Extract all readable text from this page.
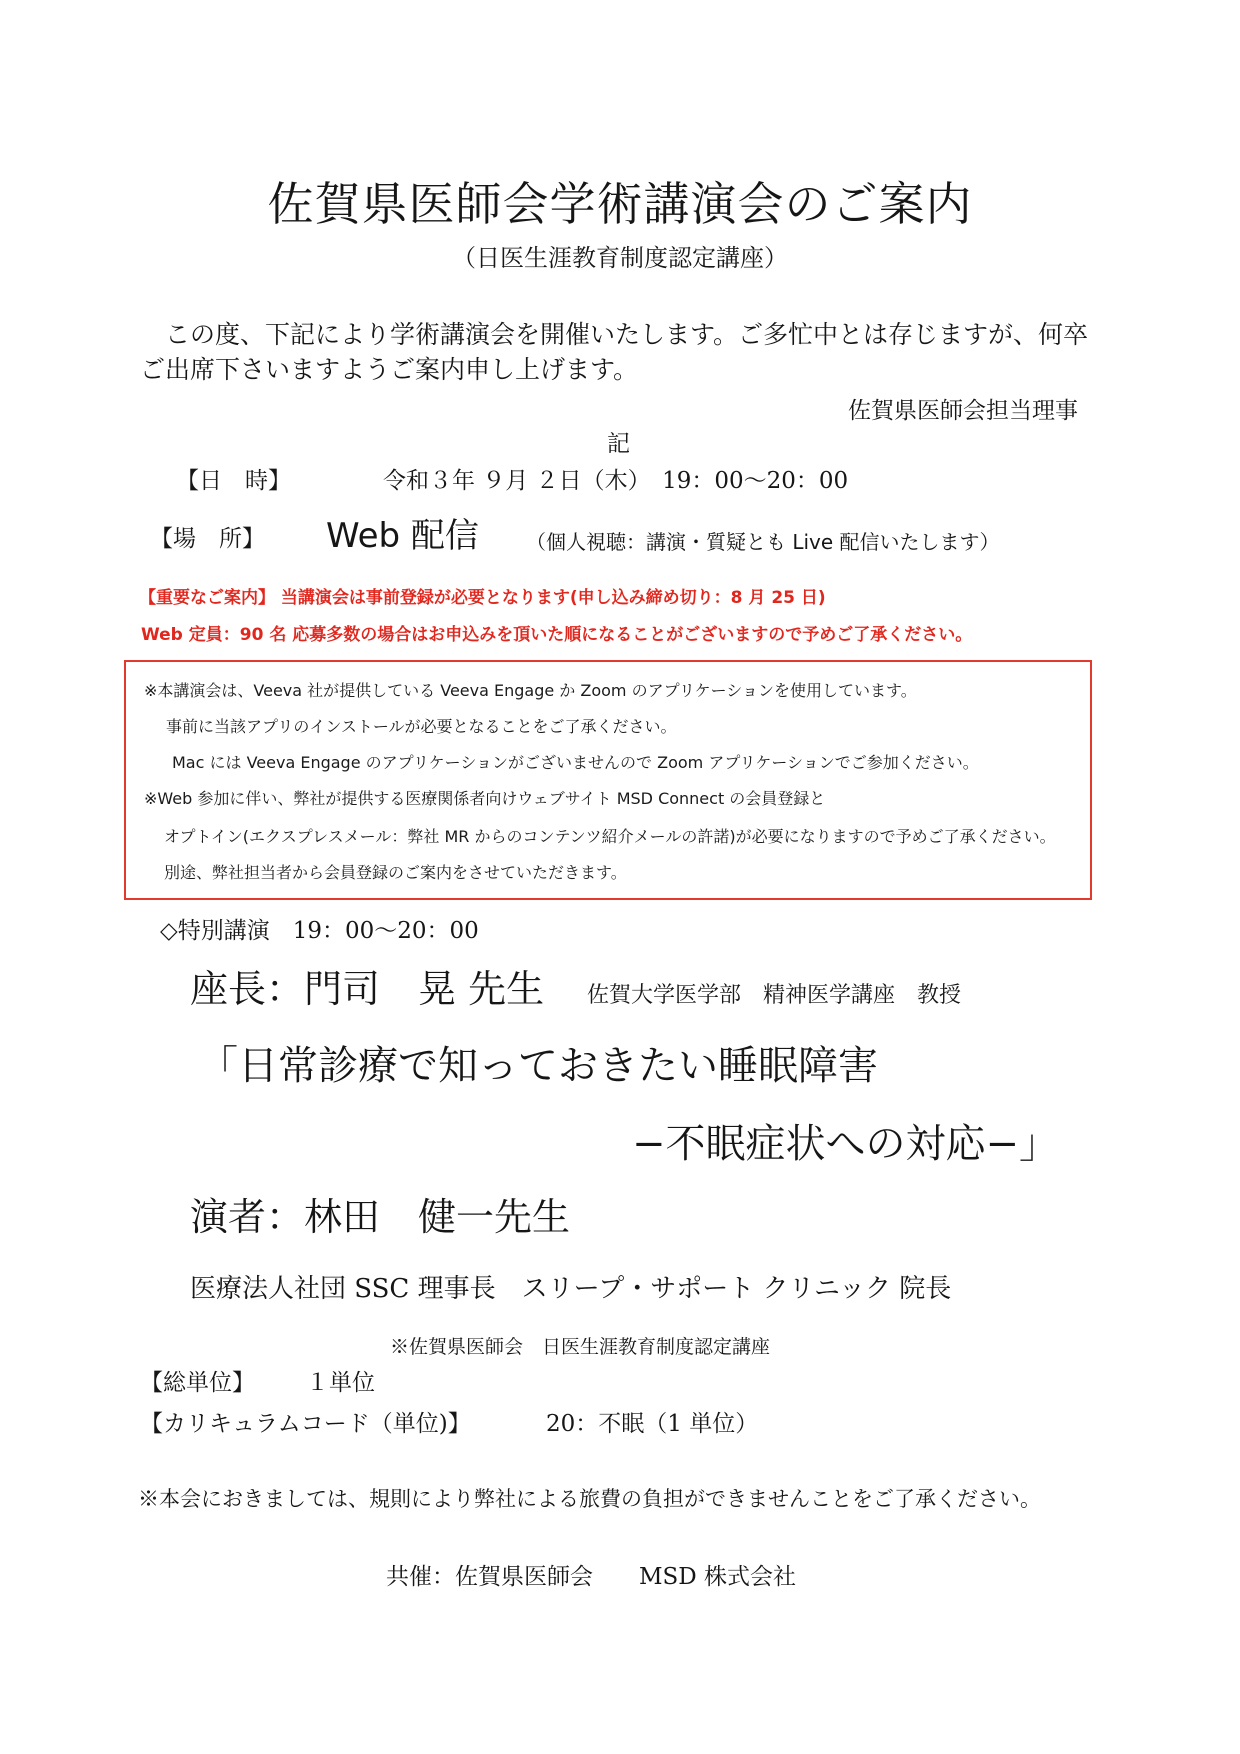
佐賀県医師会学術講演会のご案内
（日医生涯教育制度認定講座）
この度、下記により学術講演会を開催いたします。ご多忙中とは存じますが、何卒
ご出席下さいますようご案内申し上げます。
佐賀県医師会担当理事
記
【日　時】	令和３年 ９月 ２日（木）　19：00〜20：00
【場　所】 Web 配信 （個人視聴：講演・質疑とも Live 配信いたします）
【重要なご案内】 当講演会は事前登録が必要となります(申し込み締め切り：8 月 25 日)
Web 定員：90 名 応募多数の場合はお申込みを頂いた順になることがございますので予めご了承ください。
※本講演会は、Veeva 社が提供している Veeva Engage か Zoom のアプリケーションを使用しています。
事前に当該アプリのインストールが必要となることをご了承ください。
Mac には Veeva Engage のアプリケーションがございませんので Zoom アプリケーションでご参加ください。
※Web 参加に伴い、弊社が提供する医療関係者向けウェブサイト MSD Connect の会員登録と
オプトイン(エクスプレスメール：弊社 MR からのコンテンツ紹介メールの許諾)が必要になりますので予めご了承ください。
別途、弊社担当者から会員登録のご案内をさせていただきます。
◇特別講演　19：00〜20：00
座長：門司　晃 先生 佐賀大学医学部　精神医学講座　教授
「日常診療で知っておきたい睡眠障害
−不眠症状への対応−」
演者：林田　健一先生
医療法人社団 SSC 理事長　スリープ・サポート クリニック 院長
※佐賀県医師会　日医生涯教育制度認定講座
【総単位】 １単位
【カリキュラムコード（単位)】	20：不眠（1 単位）
※本会におきましては、規則により弊社による旅費の負担ができませんことをご了承ください。
共催：佐賀県医師会　　MSD 株式会社
